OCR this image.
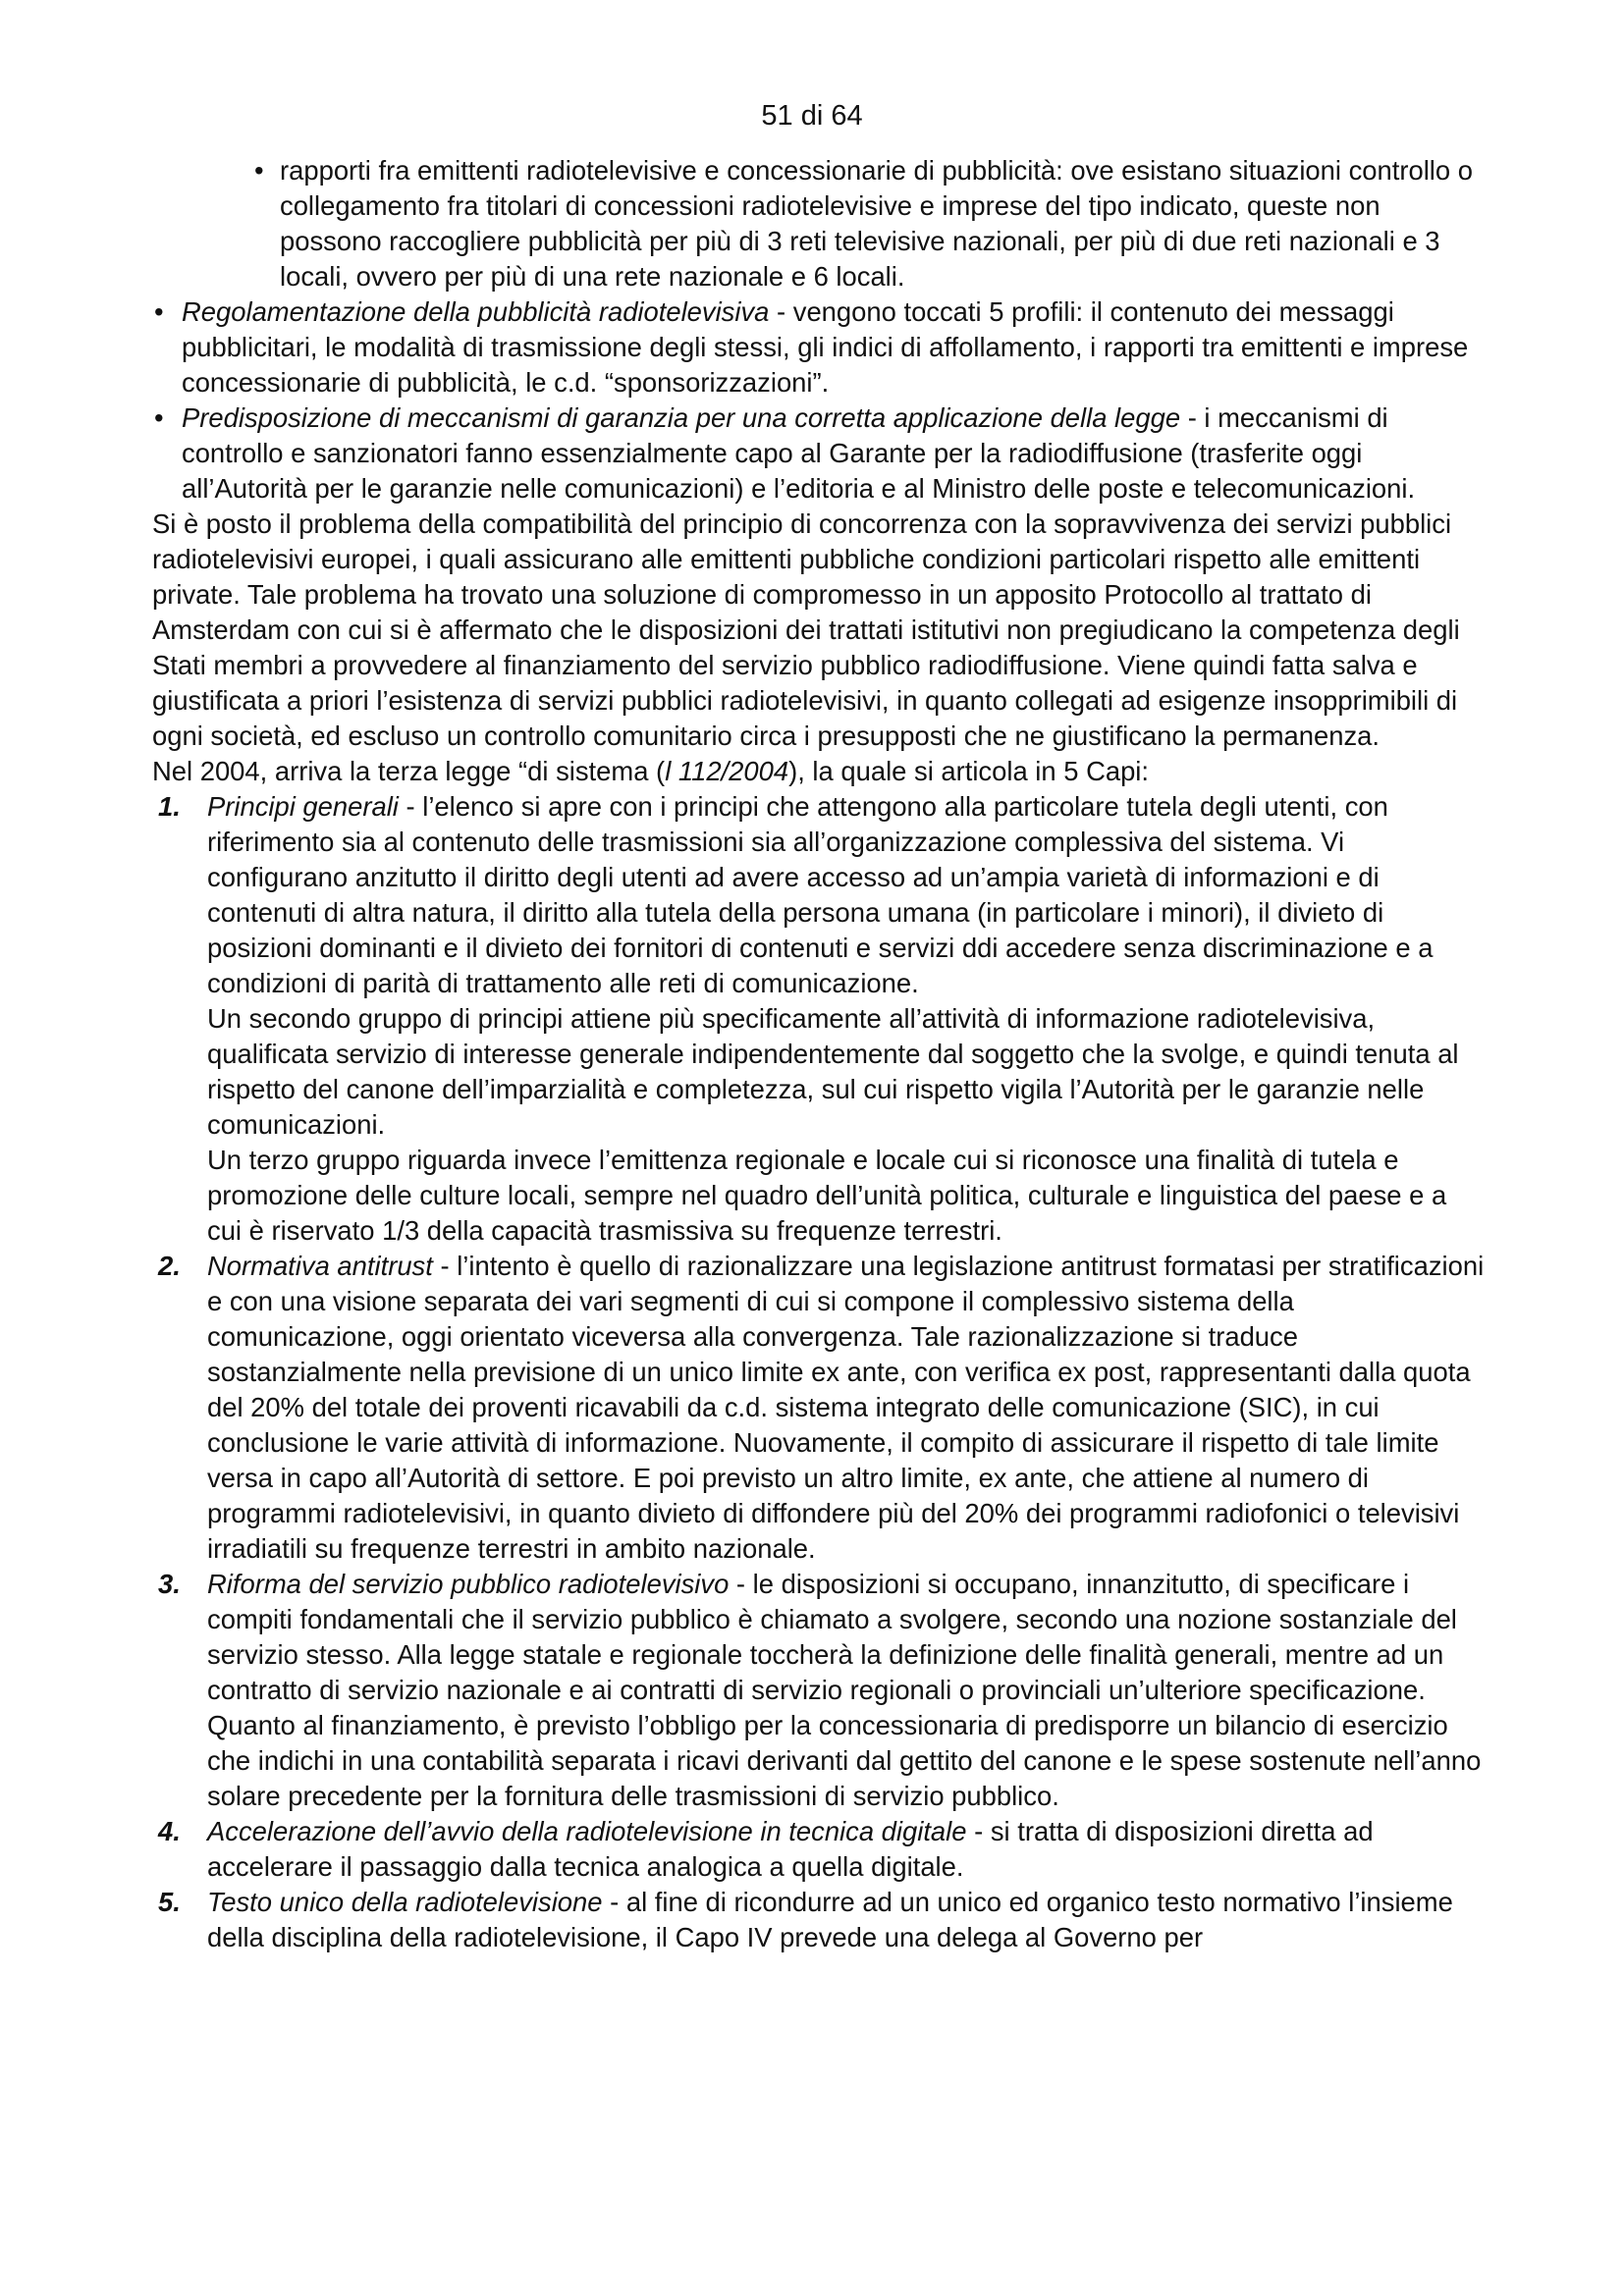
51 di 64

• rapporti fra emittenti radiotelevisive e concessionarie di pubblicità: ove esistano situazioni controllo o collegamento fra titolari di concessioni radiotelevisive e imprese del tipo indicato, queste non possono raccogliere pubblicità per più di 3 reti televisive nazionali, per più di due reti nazionali e 3 locali, ovvero per più di una rete nazionale e 6 locali.

• Regolamentazione della pubblicità radiotelevisiva - vengono toccati 5 profili: il contenuto dei messaggi pubblicitari, le modalità di trasmissione degli stessi, gli indici di affollamento, i rapporti tra emittenti e imprese concessionarie di pubblicità, le c.d. “sponsorizzazioni”.

• Predisposizione di meccanismi di garanzia per una corretta applicazione della legge - i meccanismi di controllo e sanzionatori fanno essenzialmente capo al Garante per la radiodiffusione (trasferite oggi all’Autorità per le garanzie nelle comunicazioni) e l’editoria e al Ministro delle poste e telecomunicazioni.

Si è posto il problema della compatibilità del principio di concorrenza con la sopravvivenza dei servizi pubblici radiotelevisivi europei, i quali assicurano alle emittenti pubbliche condizioni particolari rispetto alle emittenti private. Tale problema ha trovato una soluzione di compromesso in un apposito Protocollo al trattato di Amsterdam con cui si è affermato che le disposizioni dei trattati istitutivi non pregiudicano la competenza degli Stati membri a provvedere al finanziamento del servizio pubblico radiodiffusione. Viene quindi fatta salva e giustificata a priori l’esistenza di servizi pubblici radiotelevisivi, in quanto collegati ad esigenze insopprimibili di ogni società, ed escluso un controllo comunitario circa i presupposti che ne giustificano la permanenza.

Nel 2004, arriva la terza legge “di sistema (l 112/2004), la quale si articola in 5 Capi:

1. Principi generali - l’elenco si apre con i principi che attengono alla particolare tutela degli utenti, con riferimento sia al contenuto delle trasmissioni sia all’organizzazione complessiva del sistema. Vi configurano anzitutto il diritto degli utenti ad avere accesso ad un’ampia varietà di informazioni e di contenuti di altra natura, il diritto alla tutela della persona umana (in particolare i minori), il divieto di posizioni dominanti e il divieto dei fornitori di contenuti e servizi ddi accedere senza discriminazione e a condizioni di parità di trattamento alle reti di comunicazione.

Un secondo gruppo di principi attiene più specificamente all’attività di informazione radiotelevisiva, qualificata servizio di interesse generale indipendentemente dal soggetto che la svolge, e quindi tenuta al rispetto del canone dell’imparzialità e completezza, sul cui rispetto vigila l’Autorità per le garanzie nelle comunicazioni.

Un terzo gruppo riguarda invece l’emittenza regionale e locale cui si riconosce una finalità di tutela e promozione delle culture locali, sempre nel quadro dell’unità politica, culturale e linguistica del paese e a cui è riservato 1/3 della capacità trasmissiva su frequenze terrestri.

2. Normativa antitrust - l’intento è quello di razionalizzare una legislazione antitrust formatasi per stratificazioni e con una visione separata dei vari segmenti di cui si compone il complessivo sistema della comunicazione, oggi orientato viceversa alla convergenza. Tale razionalizzazione si traduce sostanzialmente nella previsione di un unico limite ex ante, con verifica ex post, rappresentanti dalla quota del 20% del totale dei proventi ricavabili da c.d. sistema integrato delle comunicazione (SIC), in cui conclusione le varie attività di informazione. Nuovamente, il compito di assicurare il rispetto di tale limite versa in capo all’Autorità di settore. E poi previsto un altro limite, ex ante, che attiene al numero di programmi radiotelevisivi, in quanto divieto di diffondere più del 20% dei programmi radiofonici o televisivi irradiatili su frequenze terrestri in ambito nazionale.

3. Riforma del servizio pubblico radiotelevisivo - le disposizioni si occupano, innanzitutto, di specificare i compiti fondamentali che il servizio pubblico è chiamato a svolgere, secondo una nozione sostanziale del servizio stesso. Alla legge statale e regionale toccherà la definizione delle finalità generali, mentre ad un contratto di servizio nazionale e ai contratti di servizio regionali o provinciali un’ulteriore specificazione. Quanto al finanziamento, è previsto l’obbligo per la concessionaria di predisporre un bilancio di esercizio che indichi in una contabilità separata i ricavi derivanti dal gettito del canone e le spese sostenute nell’anno solare precedente per la fornitura delle trasmissioni di servizio pubblico.

4. Accelerazione dell’avvio della radiotelevisione in tecnica digitale - si tratta di disposizioni diretta ad accelerare il passaggio dalla tecnica analogica a quella digitale.

5. Testo unico della radiotelevisione - al fine di ricondurre ad un unico ed organico testo normativo l’insieme della disciplina della radiotelevisione, il Capo IV prevede una delega al Governo per
